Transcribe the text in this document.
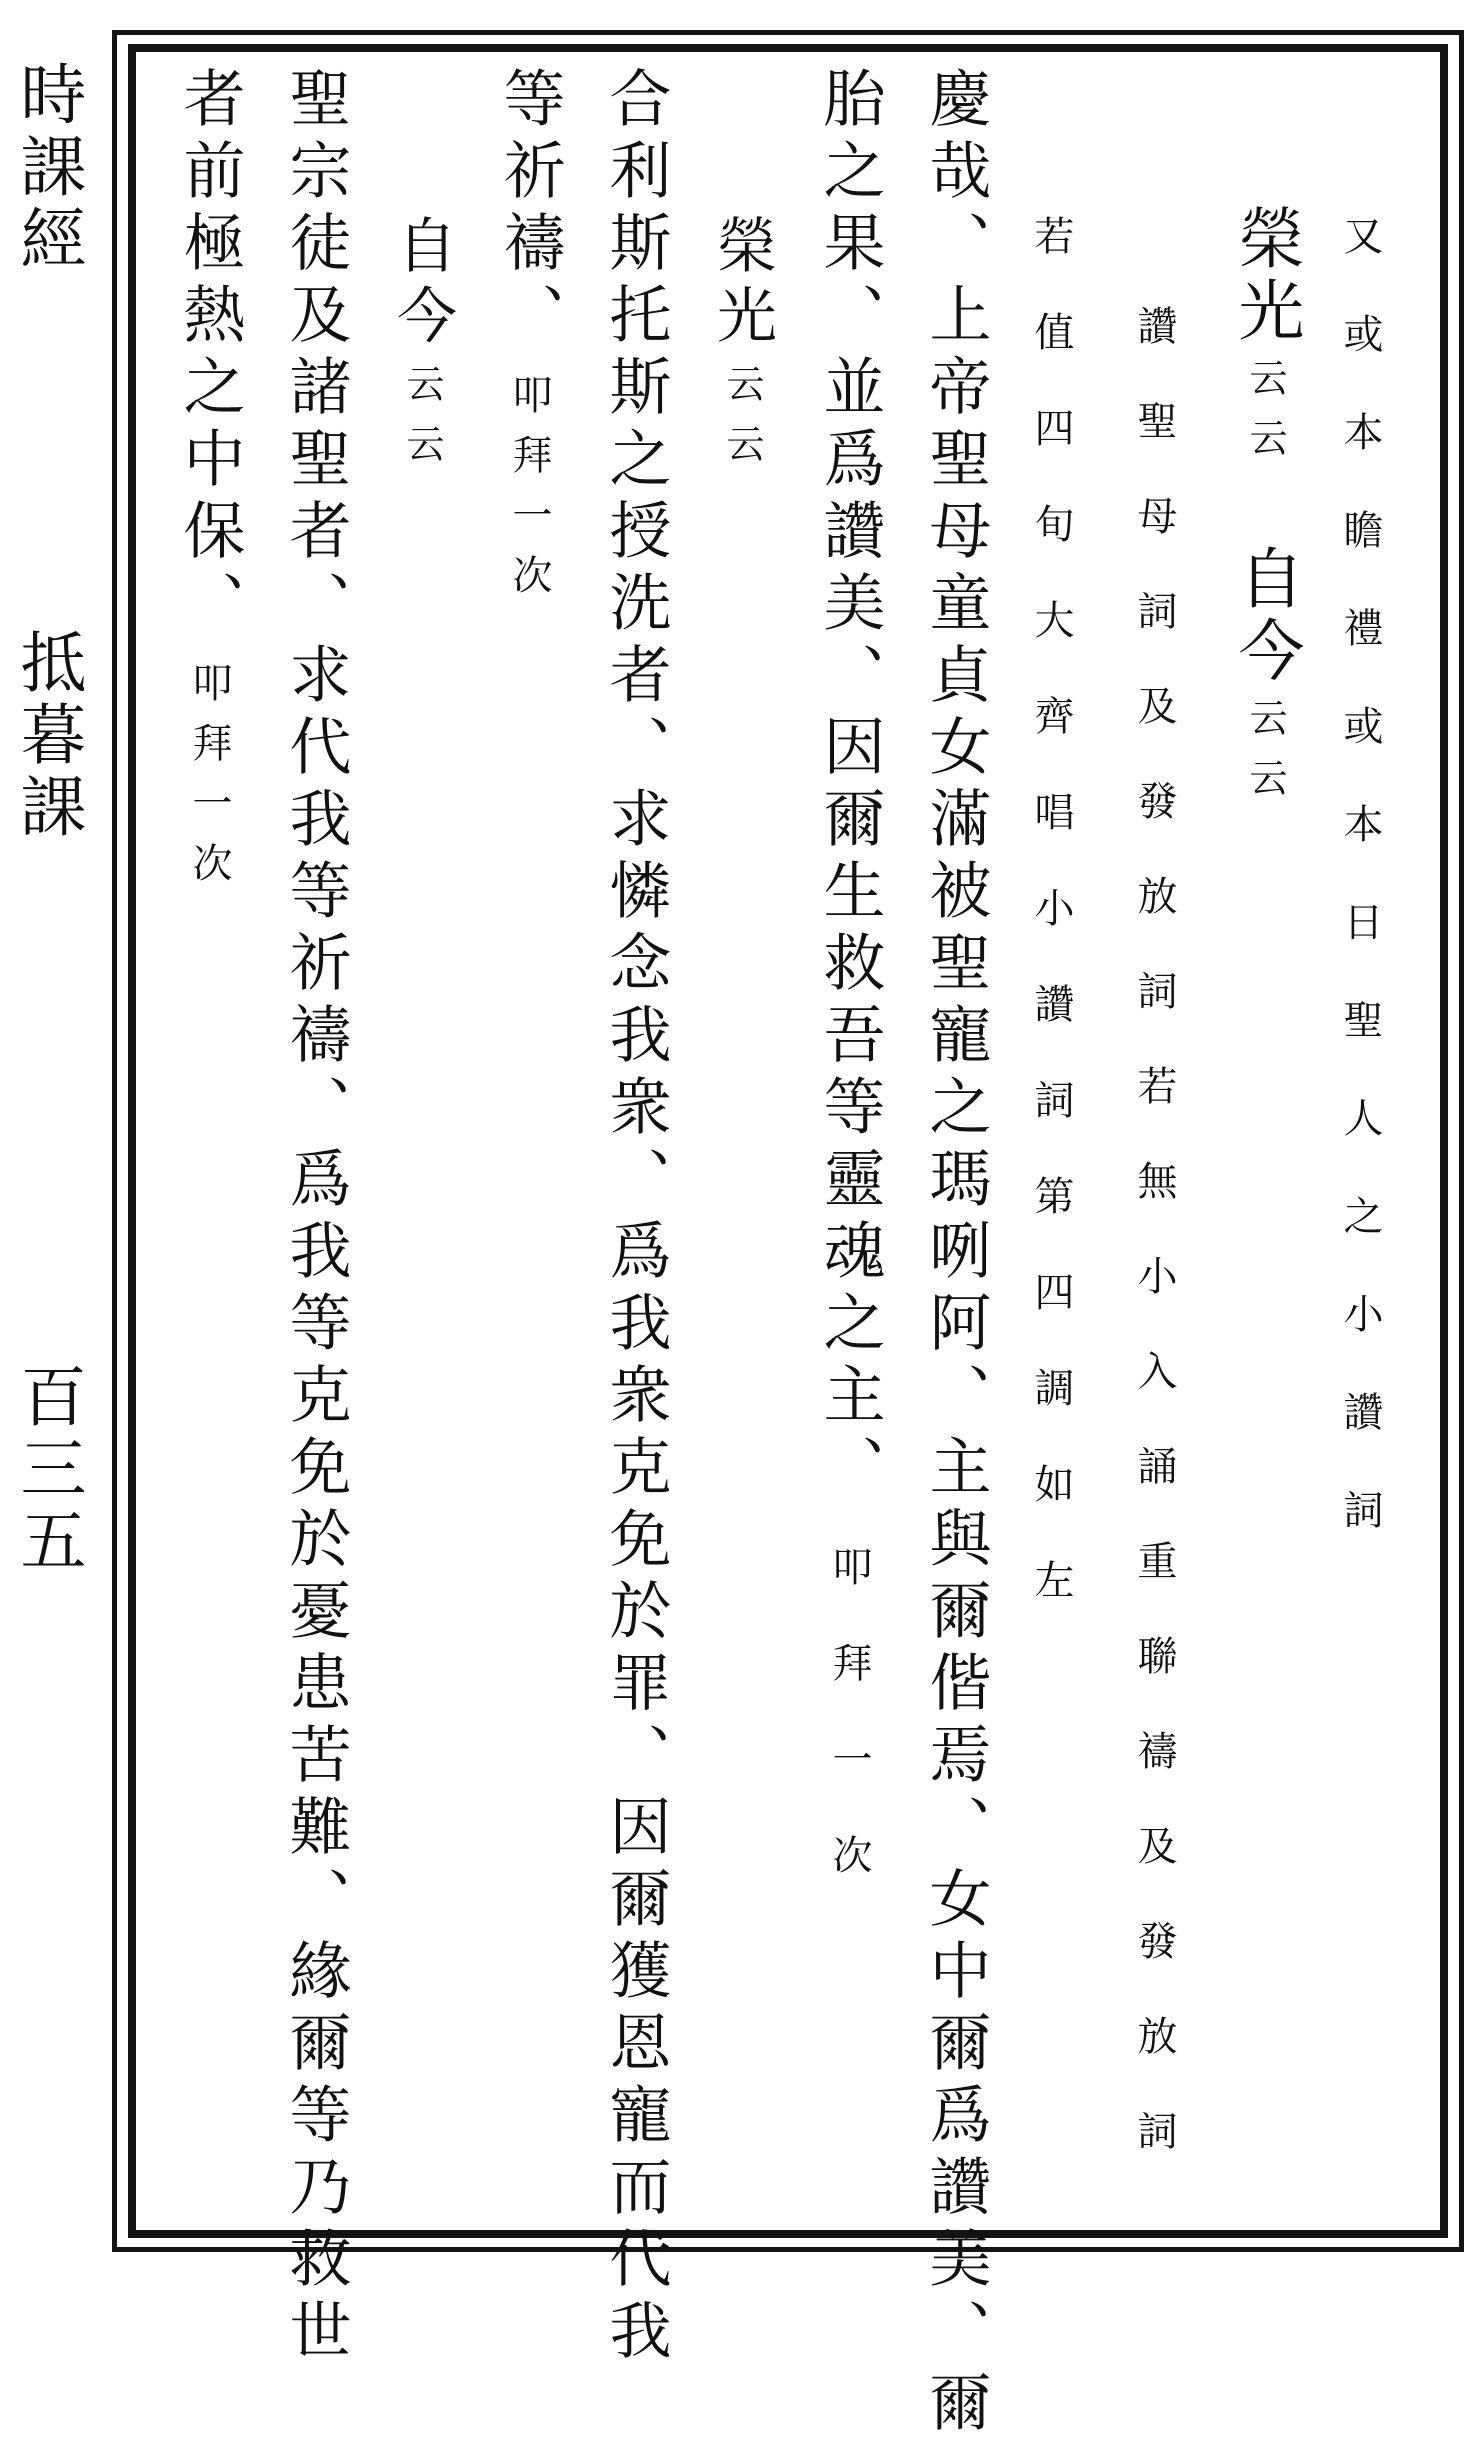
時課經
抵暮課
百三五	又或本瞻禮或本日聖人之小讚詞
榮光云云自今云云
讚聖母詞及發放詞若無小入誦重聯禱及發放詞
若值四旬大齊唱小讚詞第四調如左
慶哉、上帝聖母童貞女滿被聖寵之瑪咧阿、主與爾偕焉、女中爾爲讚美、爾
胎之果、並爲讚美、因爾生救吾等靈魂之主、叩拜一次
榮光云云
合利斯托斯之授洗者、求憐念我衆、爲我衆克免於罪、因爾獲恩寵而代我
等祈禱、叩拜一次
自今云云
聖宗徒及諸聖者、求代我等祈禱、爲我等克免於憂患苦難、緣爾等乃救世
者前極熱之中保、叩拜一次
